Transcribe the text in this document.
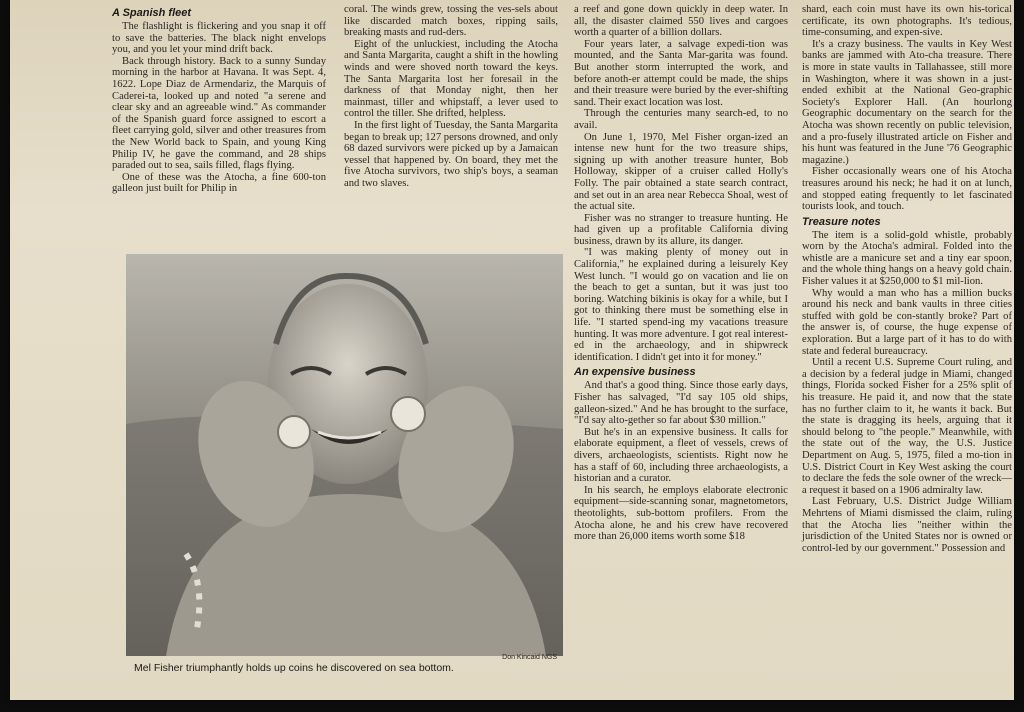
A Spanish fleet

The flashlight is flickering and you snap it off to save the batteries. The black night envelops you, and you let your mind drift back.

Back through history. Back to a sunny Sunday morning in the harbor at Havana. It was Sept. 4, 1622. Lope Diaz de Armendariz, the Marquis of Caderei-ta, looked up and noted "a serene and clear sky and an agreeable wind." As commander of the Spanish guard force assigned to escort a fleet carrying gold, silver and other treasures from the New World back to Spain, and young King Philip IV, he gave the command, and 28 ships paraded out to sea, sails filled, flags flying.

One of these was the Atocha, a fine 600-ton galleon just built for Philip in

coral. The winds grew, tossing the ves-sels about like discarded match boxes, ripping sails, breaking masts and rud-ders.

Eight of the unluckiest, including the Atocha and Santa Margarita, caught a shift in the howling winds and were shoved north toward the keys. The Santa Margarita lost her foresail in the darkness of that Monday night, then her mainmast, tiller and whipstaff, a lever used to control the tiller. She drifted, helpless.

In the first light of Tuesday, the Santa Margarita began to break up; 127 persons drowned, and only 68 dazed survivors were picked up by a Jamaican vessel that happened by. On board, they met the five Atocha survivors, two ship's boys, a seaman and two slaves.

a reef and gone down quickly in deep water. In all, the disaster claimed 550 lives and cargoes worth a quarter of a billion dollars.

Four years later, a salvage expedi-tion was mounted, and the Santa Mar-garita was found. But another storm interrupted the work, and before anoth-er attempt could be made, the ships and their treasure were buried by the ever-shifting sand. Their exact location was lost.

Through the centuries many search-ed, to no avail.

On June 1, 1970, Mel Fisher organ-ized an intense new hunt for the two treasure ships, signing up with another treasure hunter, Bob Holloway, skipper of a cruiser called Holly's Folly. The pair obtained a state search contract, and set out in an area near Rebecca Shoal, west of the actual site.

Fisher was no stranger to treasure hunting. He had given up a profitable California diving business, drawn by its allure, its danger.

"I was making plenty of money out in California," he explained during a leisurely Key West lunch. "I would go on vacation and lie on the beach to get a suntan, but it was just too boring. Watching bikinis is okay for a while, but I got to thinking there must be something else in life. "I started spend-ing my vacations treasure hunting. It was more adventure. I got real interest-ed in the archaeology, and in shipwreck identification. I didn't get into it for money."

An expensive business

And that's a good thing. Since those early days, Fisher has salvaged, "I'd say 105 old ships, galleon-sized." And he has brought to the surface, "I'd say alto-gether so far about $30 million."

But he's in an expensive business. It calls for elaborate equipment, a fleet of vessels, crews of divers, archaeologists, scientists. Right now he has a staff of 60, including three archaeologists, a historian and a curator.

In his search, he employs elaborate electronic equipment—side-scanning sonar, magnetometors, theotolights, sub-bottom profilers. From the Atocha alone, he and his crew have recovered more than 26,000 items worth some $18

shard, each coin must have its own his-torical certificate, its own photographs. It's tedious, time-consuming, and expen-sive.

It's a crazy business. The vaults in Key West banks are jammed with Ato-cha treasure. There is more in state vaults in Tallahassee, still more in Washington, where it was shown in a just-ended exhibit at the National Geo-graphic Society's Explorer Hall. (An hourlong Geographic documentary on the search for the Atocha was shown recently on public television, and a pro-fusely illustrated article on Fisher and his hunt was featured in the June '76 Geographic magazine.)

Fisher occasionally wears one of his Atocha treasures around his neck; he had it on at lunch, and stopped eating frequently to let fascinated tourists look, and touch.

Treasure notes

The item is a solid-gold whistle, probably worn by the Atocha's admiral. Folded into the whistle are a manicure set and a tiny ear spoon, and the whole thing hangs on a heavy gold chain. Fisher values it at $250,000 to $1 mil-lion.

Why would a man who has a million bucks around his neck and bank vaults in three cities stuffed with gold be con-stantly broke? Part of the answer is, of course, the huge expense of exploration. But a large part of it has to do with state and federal bureaucracy.

Until a recent U.S. Supreme Court ruling, and a decision by a federal judge in Miami, changed things, Florida socked Fisher for a 25% split of his treasure. He paid it, and now that the state has no further claim to it, he wants it back. But the state is dragging its heels, arguing that it should belong to "the people." Meanwhile, with the state out of the way, the U.S. Justice Department on Aug. 5, 1975, filed a mo-tion in U.S. District Court in Key West asking the court to declare the feds the sole owner of the wreck—a request it based on a 1906 admiralty law.

Last February, U.S. District Judge William Mehrtens of Miami dismissed the claim, ruling that the Atocha lies "neither within the jurisdiction of the United States nor is owned or control-led by our government." Possession and

Don Kincaid NGS
Mel Fisher triumphantly holds up coins he discovered on sea bottom.
